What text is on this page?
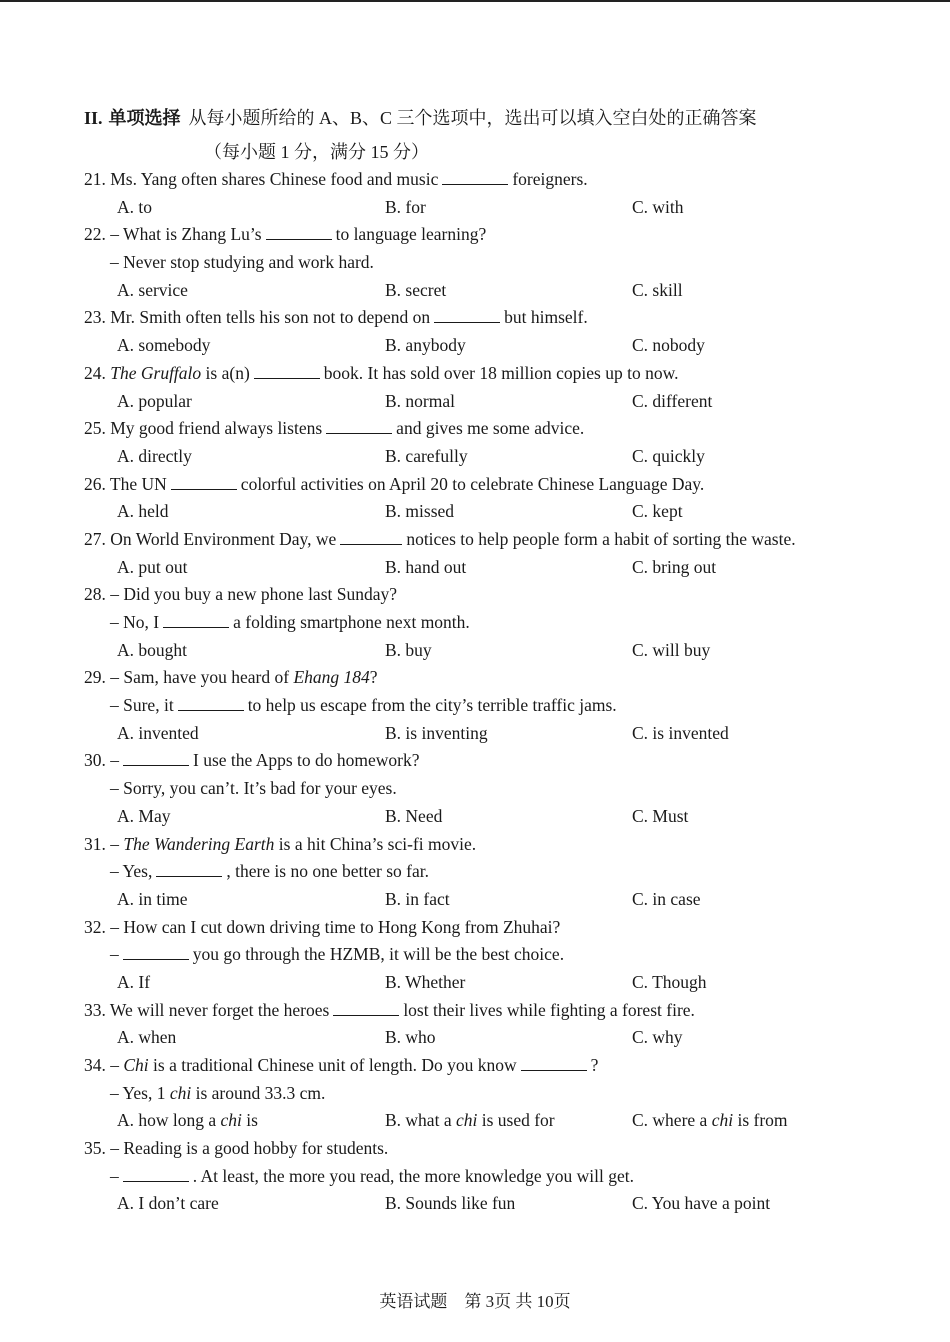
II. 单项选择 从每小题所给的 A、B、C 三个选项中，选出可以填入空白处的正确答案
（每小题 1 分，满分 15 分）
21. Ms. Yang often shares Chinese food and music	foreigners.
A. to	B. for	C. with
22. – What is Zhang Lu’s	to language learning?
– Never stop studying and work hard.
A. service	B. secret	C. skill
23. Mr. Smith often tells his son not to depend on	but himself.
A. somebody	B. anybody	C. nobody
24. The Gruffalo is a(n)	book. It has sold over 18 million copies up to now.
A. popular	B. normal	C. different
25. My good friend always listens	and gives me some advice.
A. directly	B. carefully	C. quickly
26. The UN	colorful activities on April 20 to celebrate Chinese Language Day.
A. held	B. missed	C. kept
27. On World Environment Day, we	notices to help people form a habit of sorting the waste.
A. put out	B. hand out	C. bring out
28. – Did you buy a new phone last Sunday?
– No, I	a folding smartphone next month.
A. bought	B. buy	C. will buy
29. – Sam, have you heard of Ehang 184?
– Sure, it	to help us escape from the city’s terrible traffic jams.
A. invented	B. is inventing	C. is invented
30. –	I use the Apps to do homework?
– Sorry, you can’t. It’s bad for your eyes.
A. May	B. Need	C. Must
31. – The Wandering Earth is a hit China’s sci-fi movie.
– Yes,	, there is no one better so far.
A. in time	B. in fact	C. in case
32. – How can I cut down driving time to Hong Kong from Zhuhai?
–	you go through the HZMB, it will be the best choice.
A. If	B. Whether	C. Though
33. We will never forget the heroes	lost their lives while fighting a forest fire.
A. when	B. who	C. why
34. – Chi is a traditional Chinese unit of length. Do you know	?
– Yes, 1 chi is around 33.3 cm.
A. how long a chi is	B. what a chi is used for	C. where a chi is from
35. – Reading is a good hobby for students.
–	. At least, the more you read, the more knowledge you will get.
A. I don’t care	B. Sounds like fun	C. You have a point
英语试题　第 3页 共 10页
